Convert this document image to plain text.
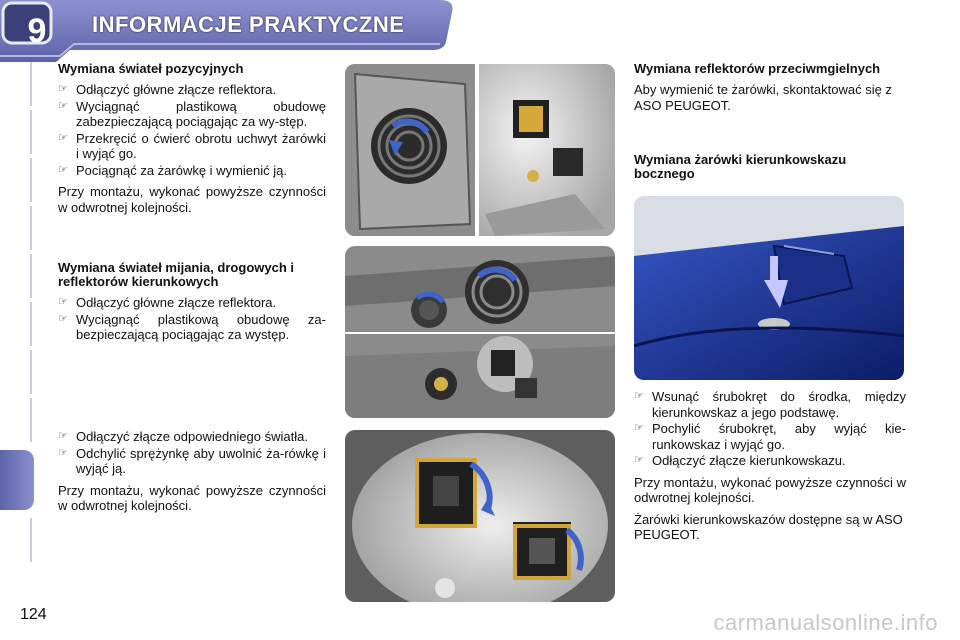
9	INFORMACJE PRAKTYCZNE
Wymiana świateł pozycyjnych
☞ Odłączyć główne złącze reflektora.
☞ Wyciągnąć plastikową obudowę zabezpieczającą pociągając za wy-stęp.
☞ Przekręcić o ćwierć obrotu uchwyt żarówki i wyjąć go.
☞ Pociągnąć za żarówkę i wymienić ją.
Przy montażu, wykonać powyższe czynności w odwrotnej kolejności.
Wymiana świateł mijania, drogowych i reflektorów kierunkowych
☞ Odłączyć główne złącze reflektora.
☞ Wyciągnąć plastikową obudowę za-bezpieczającą pociągając za występ.
☞ Odłączyć złącze odpowiedniego światła.
☞ Odchylić sprężynkę aby uwolnić ża-rówkę i wyjąć ją.
Przy montażu, wykonać powyższe czynności w odwrotnej kolejności.
Wymiana reflektorów przeciwmgielnych
Aby wymienić te żarówki, skontaktować się z ASO PEUGEOT.
Wymiana żarówki kierunkowskazu bocznego
☞ Wsunąć śrubokręt do środka, między kierunkowskaz a jego podstawę.
☞ Pochylić śrubokręt, aby wyjąć kie-runkowskaz i wyjąć go.
☞ Odłączyć złącze kierunkowskazu.
Przy montażu, wykonać powyższe czynności w odwrotnej kolejności.
Żarówki kierunkowskazów dostępne są w ASO PEUGEOT.
124	carmanualsonline.info
